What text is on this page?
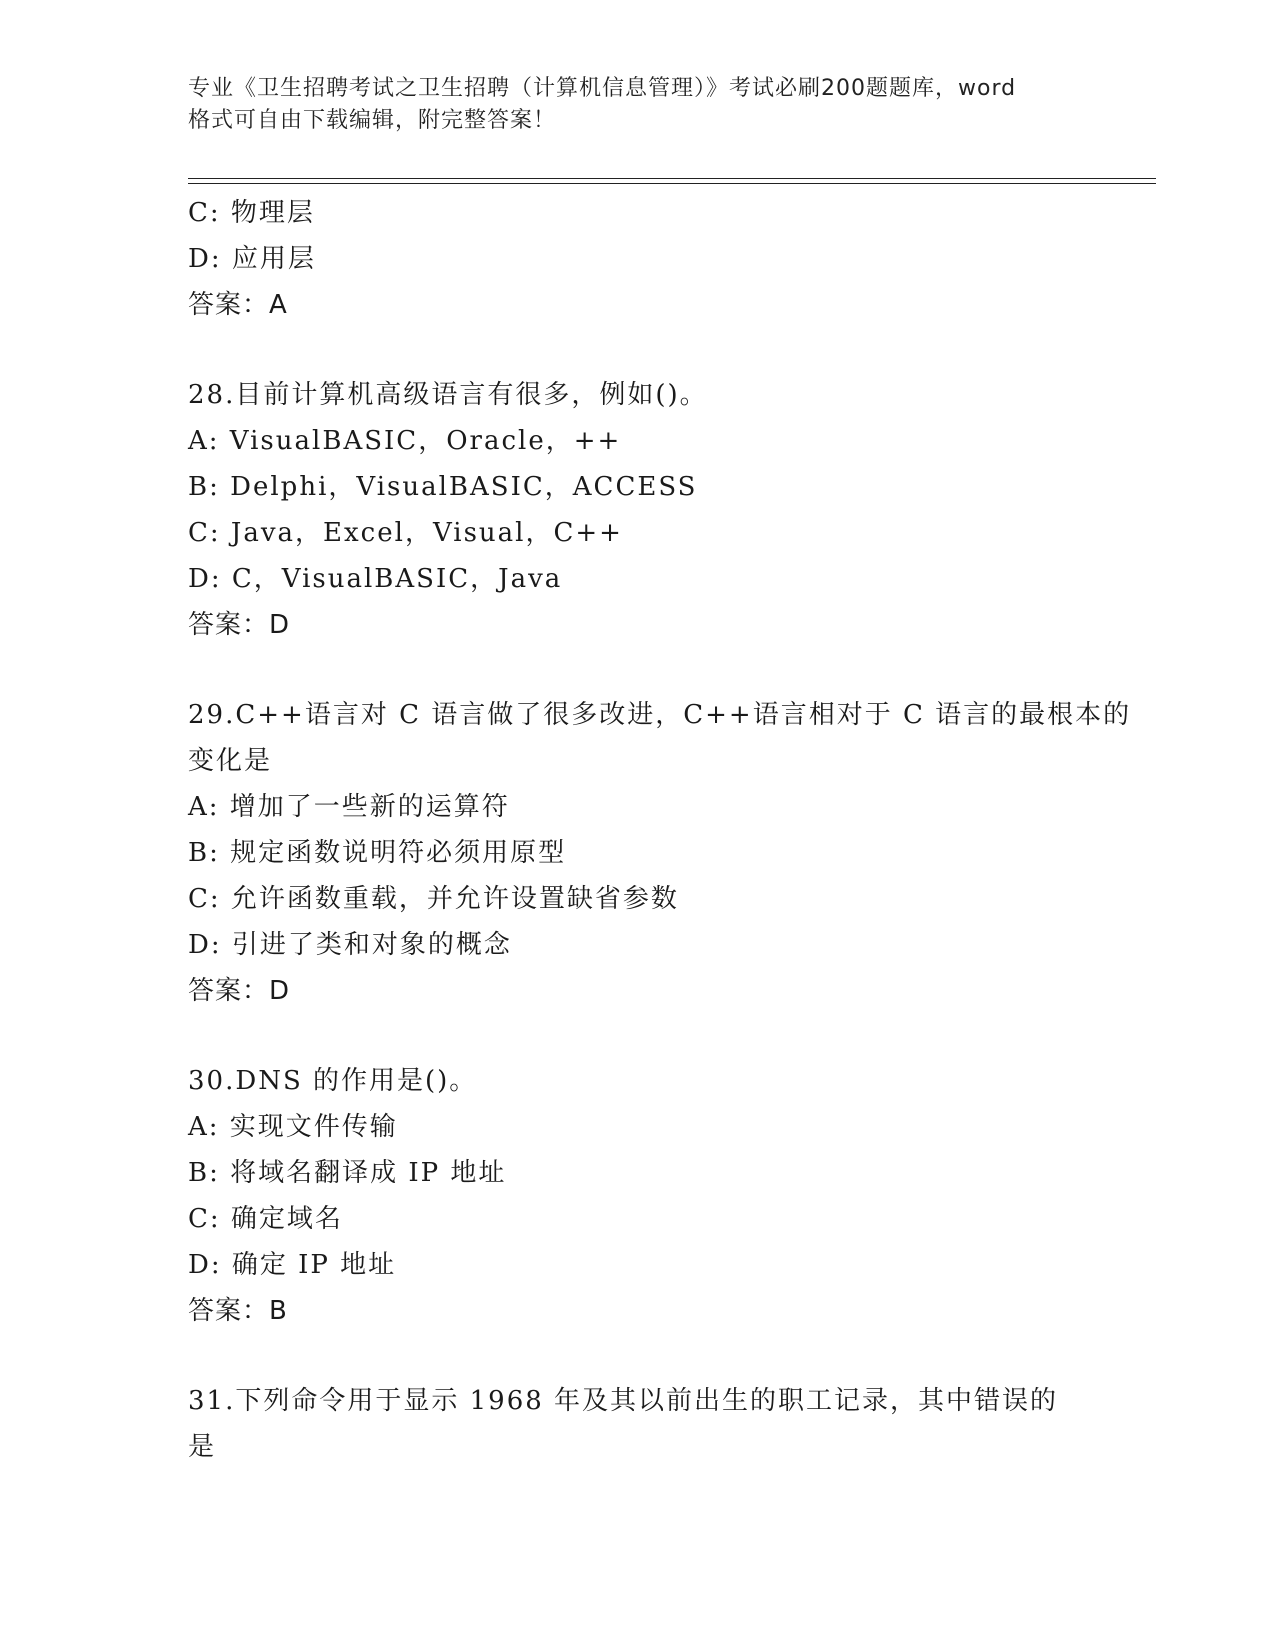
专业《卫生招聘考试之卫生招聘（计算机信息管理）》考试必刷200题题库，word
格式可自由下载编辑，附完整答案！
C: 物理层
D: 应用层
答案：A
28.目前计算机高级语言有很多，例如()。
A: VisualBASIC，Oracle，++
B: Delphi，VisualBASIC，ACCESS
C: Java，Excel，Visual，C++
D: C，VisualBASIC，Java
答案：D
29.C++语言对 C 语言做了很多改进，C++语言相对于 C 语言的最根本的
变化是
A: 增加了一些新的运算符
B: 规定函数说明符必须用原型
C: 允许函数重载，并允许设置缺省参数
D: 引进了类和对象的概念
答案：D
30.DNS 的作用是()。
A: 实现文件传输
B: 将域名翻译成 IP 地址
C: 确定域名
D: 确定 IP 地址
答案：B
31.下列命令用于显示 1968 年及其以前出生的职工记录，其中错误的
是
